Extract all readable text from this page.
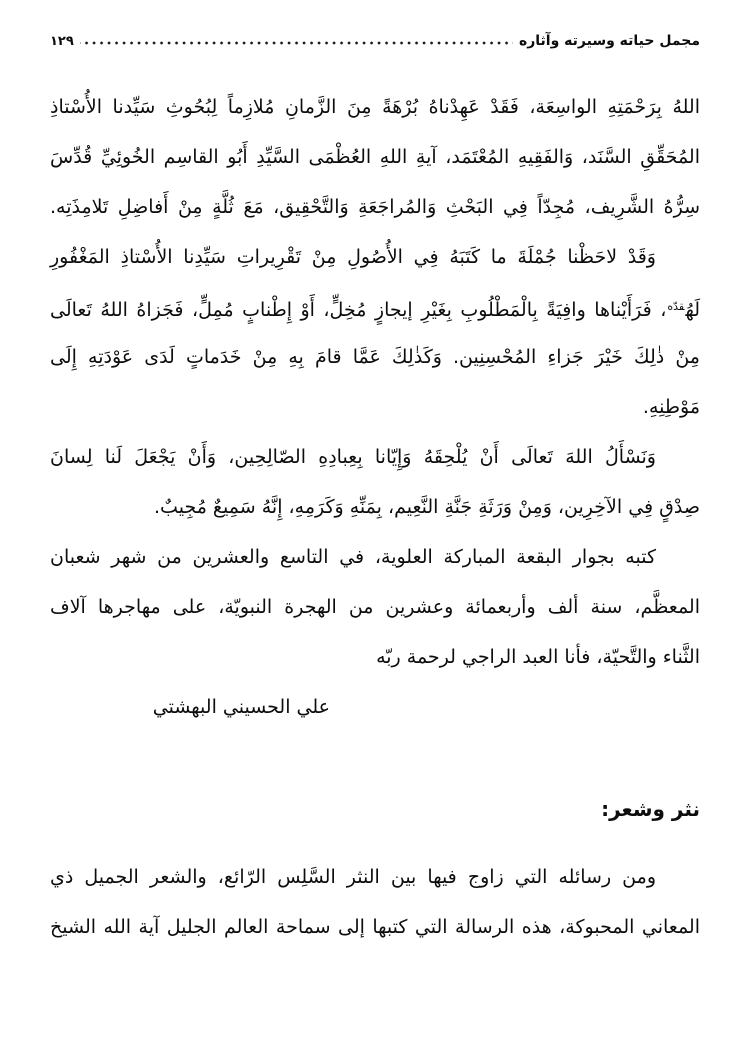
مجمل حياته وسيرته وآثاره
١٢٩
اللهُ بِرَحْمَتِهِ الواسِعَة، فَقَدْ عَهِدْناهُ بُرْهَةً مِنَ الزَّمانِ مُلازِماً لِبُحُوثِ سَيِّدنا الأُسْتاذِ
المُحَقِّقِ السَّنَد، وَالفَقِيهِ المُعْتَمَد، آيةِ اللهِ العُظْمَى السَّيِّدِ أَبُو القاسِم الخُوئِيِّ قُدِّسَ
سِرُّهُ الشَّرِيف، مُجِدّاً فِي البَحْثِ وَالمُراجَعَةِ وَالتَّحْقِيق، مَعَ ثُلَّةٍ مِنْ أَفاضِلِ تَلامِذَتِه.
وَقَدْ لاحَظْنا جُمْلَةَ ما كَتَبَهُ فِي الأُصُولِ مِنْ تَقْرِيراتِ سَيِّدِنا الأُسْتاذِ المَغْفُورِ
لَهُ$^{قدّه}$، فَرَأَيْناها وافِيَةً بِالْمَطْلُوبِ بِغَيْرِ إيجازٍ مُخِلٍّ، أَوْ إِطْنابٍ مُمِلٍّ، فَجَزاهُ اللهُ تَعالَى
مِنْ ذٰلِكَ خَيْرَ جَزاءِ المُحْسِنِين. وَكَذٰلِكَ عَمَّا قامَ بِهِ مِنْ خَدَماتٍ لَدَى عَوْدَتِهِ إِلَى
مَوْطِنِهِ.
وَنَسْأَلُ اللهَ تَعالَى أَنْ يُلْحِقَهُ وَإِيّانا بِعِبادِهِ الصّالِحِين، وَأَنْ يَجْعَلَ لَنا لِسانَ
صِدْقٍ فِي الآخِرِين، وَمِنْ وَرَثَةِ جَنَّةِ النَّعِيم، بِمَنِّهِ وَكَرَمِهِ، إِنَّهُ سَمِيعٌ مُجِيبٌ.
كتبه بجوار البقعة المباركة العلوية، في التاسع والعشرين من شهر شعبان
المعظَّم، سنة ألف وأربعمائة وعشرين من الهجرة النبويّة، على مهاجرها آلاف
الثَّناء والتَّحيّة، فأنا العبد الراجي لرحمة ربّه
علي الحسيني البهشتي
نثر وشعر:
ومن رسائله التي زاوج فيها بين النثر السَّلِس الرّائع، والشعر الجميل ذي
المعاني المحبوكة، هذه الرسالة التي كتبها إلى سماحة العالم الجليل آية الله الشيخ
